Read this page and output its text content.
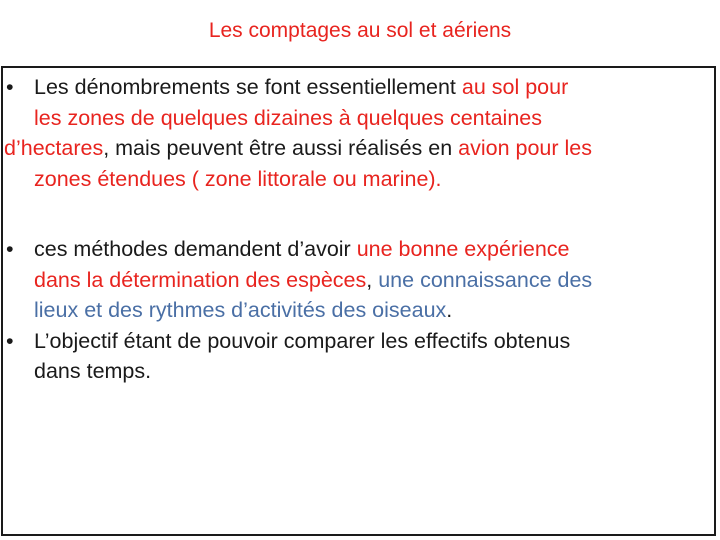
Les comptages au sol et aériens

• Les dénombrements se font essentiellement au sol pour
les zones de quelques dizaines à quelques centaines
d’hectares, mais peuvent être aussi réalisés en avion pour les
zones étendues ( zone littorale ou marine).

• ces méthodes demandent d’avoir une bonne expérience
dans la détermination des espèces, une connaissance des
lieux et des rythmes d’activités des oiseaux.

• L’objectif étant de pouvoir comparer les effectifs obtenus
dans temps.
